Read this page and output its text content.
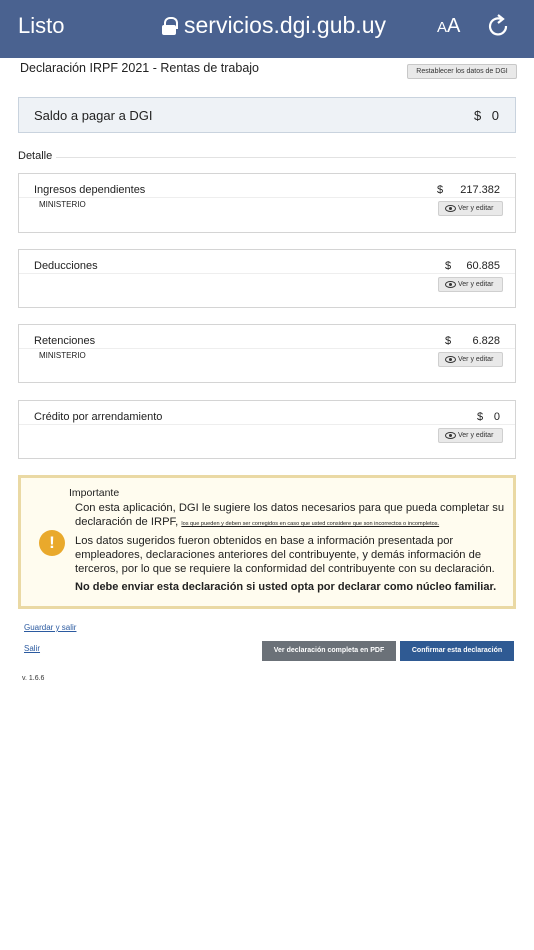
Listo	servicios.dgi.gub.uy	AA
Declaración IRPF 2021 - Rentas de trabajo	Restablecer los datos de DGI
Saldo a pagar a DGI	$ 0
Detalle
Ingresos dependientes	$ 217.382
MINISTERIO	Ver y editar
Deducciones	$ 60.885
Ver y editar
Retenciones	$ 6.828
MINISTERIO	Ver y editar
Crédito por arrendamiento	$ 0
Ver y editar
!
Importante
Con esta aplicación, DGI le sugiere los datos necesarios para que pueda completar su declaración de IRPF, los que pueden y deben ser corregidos en caso que usted considere que son incorrectos o incompletos.
Los datos sugeridos fueron obtenidos en base a información presentada por empleadores, declaraciones anteriores del contribuyente, y demás información de terceros, por lo que se requiere la conformidad del contribuyente con su declaración.
No debe enviar esta declaración si usted opta por declarar como núcleo familiar.
Guardar y salir
Salir	Ver declaración completa en PDF	Confirmar esta declaración
v. 1.6.6
